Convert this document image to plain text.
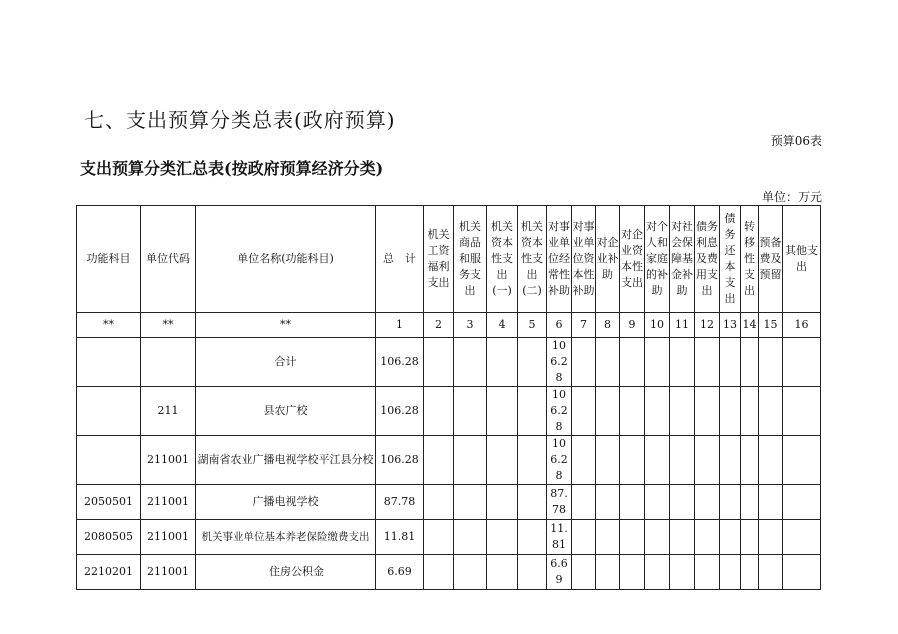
七、支出预算分类总表(政府预算)
预算06表
支出预算分类汇总表(按政府预算经济分类)
单位：万元
功能科目	单位代码	单位名称(功能科目)	总　计	机关工资福利支出	机关商品和服务支出	机关资本性支出(一)	机关资本性支出(二)	对事业单位经常性补助	对事业单位资本性补助	对企业补助	对企业资本性支出	对个人和家庭的补助	对社会保障基金补助	债务利息及费用支出	债务还本支出	转移性支出	预备费及预留	其他支出
**	**	**	1	2	3	4	5	6	7	8	9	10	11	12	13	14	15	16
		合计	106.28					106.28										
	211	县农广校	106.28					106.28										
	211001	湖南省农业广播电视学校平江县分校	106.28					106.28										
2050501	211001	广播电视学校	87.78					87.78										
2080505	211001	机关事业单位基本养老保险缴费支出	11.81					11.81										
2210201	211001	住房公积金	6.69					6.69										
